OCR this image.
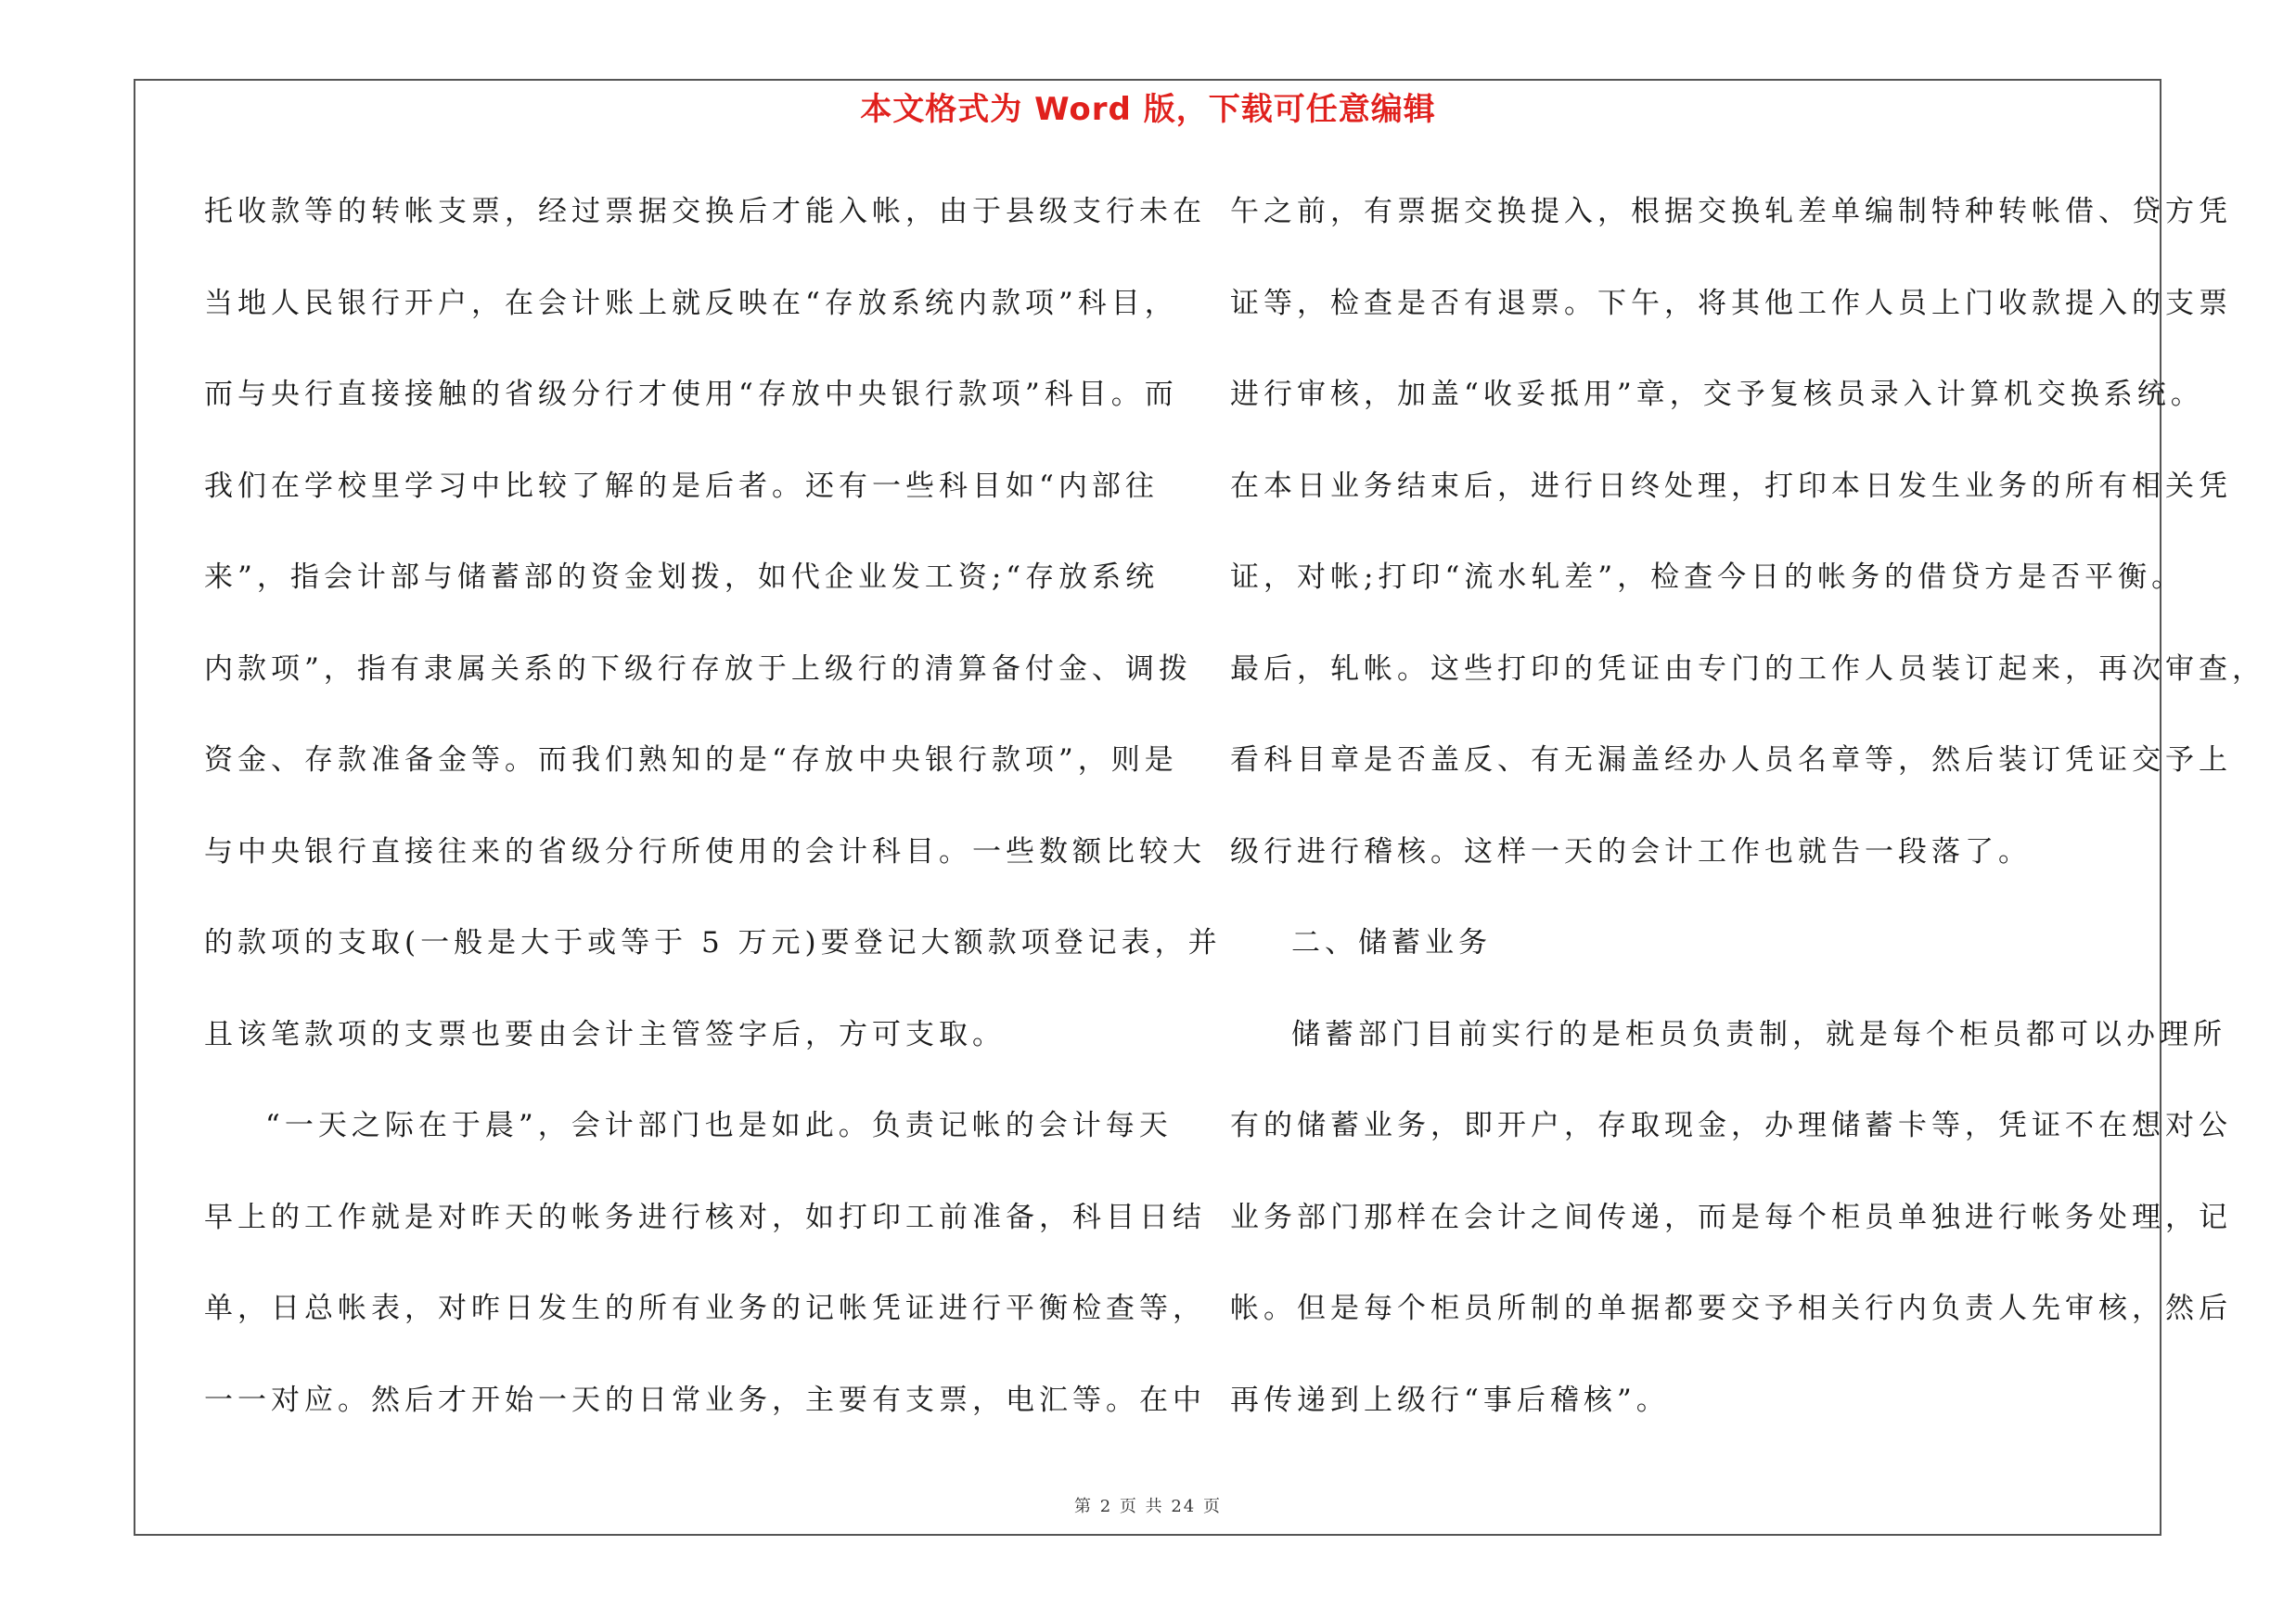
本文格式为 Word 版，下载可任意编辑
托收款等的转帐支票，经过票据交换后才能入帐，由于县级支行未在
当地人民银行开户，在会计账上就反映在“存放系统内款项”科目，
而与央行直接接触的省级分行才使用“存放中央银行款项”科目。而
我们在学校里学习中比较了解的是后者。还有一些科目如“内部往
来”，指会计部与储蓄部的资金划拨，如代企业发工资;“存放系统
内款项”，指有隶属关系的下级行存放于上级行的清算备付金、调拨
资金、存款准备金等。而我们熟知的是“存放中央银行款项”，则是
与中央银行直接往来的省级分行所使用的会计科目。一些数额比较大
的款项的支取(一般是大于或等于 5 万元)要登记大额款项登记表，并
且该笔款项的支票也要由会计主管签字后，方可支取。
“一天之际在于晨”，会计部门也是如此。负责记帐的会计每天
早上的工作就是对昨天的帐务进行核对，如打印工前准备，科目日结
单，日总帐表，对昨日发生的所有业务的记帐凭证进行平衡检查等，
一一对应。然后才开始一天的日常业务，主要有支票，电汇等。在中
午之前，有票据交换提入，根据交换轧差单编制特种转帐借、贷方凭
证等，检查是否有退票。下午，将其他工作人员上门收款提入的支票
进行审核，加盖“收妥抵用”章，交予复核员录入计算机交换系统。
在本日业务结束后，进行日终处理，打印本日发生业务的所有相关凭
证，对帐;打印“流水轧差”，检查今日的帐务的借贷方是否平衡。
最后，轧帐。这些打印的凭证由专门的工作人员装订起来，再次审查，
看科目章是否盖反、有无漏盖经办人员名章等，然后装订凭证交予上
级行进行稽核。这样一天的会计工作也就告一段落了。
二、储蓄业务
储蓄部门目前实行的是柜员负责制，就是每个柜员都可以办理所
有的储蓄业务，即开户，存取现金，办理储蓄卡等，凭证不在想对公
业务部门那样在会计之间传递，而是每个柜员单独进行帐务处理，记
帐。但是每个柜员所制的单据都要交予相关行内负责人先审核，然后
再传递到上级行“事后稽核”。
第 2 页 共 24 页
